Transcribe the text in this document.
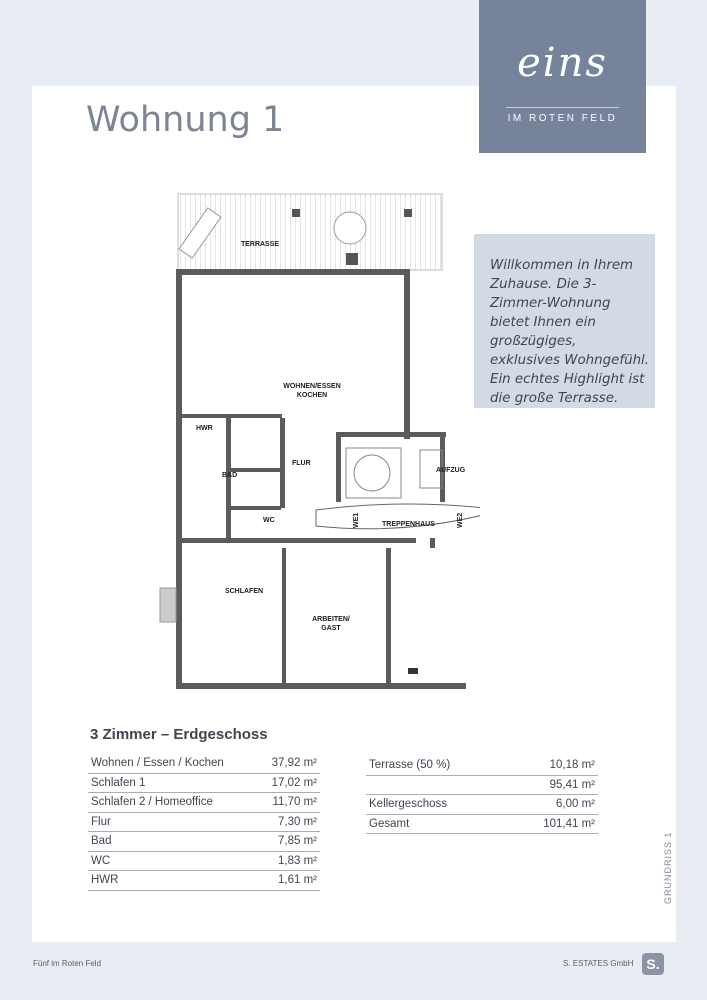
eins
IM ROTEN FELD
Wohnung 1

Willkommen in Ihrem Zuhause. Die 3-Zimmer-Wohnung bietet Ihnen ein großzügiges, exklusives Wohngefühl. Ein echtes Highlight ist die große Terrasse.

TERRASSE
WOHNEN/ESSEN
KOCHEN
HWR
FLUR
BAD
WC
AUFZUG
TREPPENHAUS
WE1	WE2
SCHLAFEN
ARBEITEN/
GAST
3 Zimmer – Erdgeschoss
Wohnen / Essen / Kochen	37,92 m²
Schlafen 1	17,02 m²
Schlafen 2 / Homeoffice	11,70 m²
Flur	7,30 m²
Bad	7,85 m²
WC	1,83 m²
HWR	1,61 m²
Terrasse (50 %)	10,18 m²
	95,41 m²
Kellergeschoss	6,00 m²
Gesamt	101,41 m²
GRUNDRISS 1
Fünf im Roten Feld	S. ESTATES GmbH S.
